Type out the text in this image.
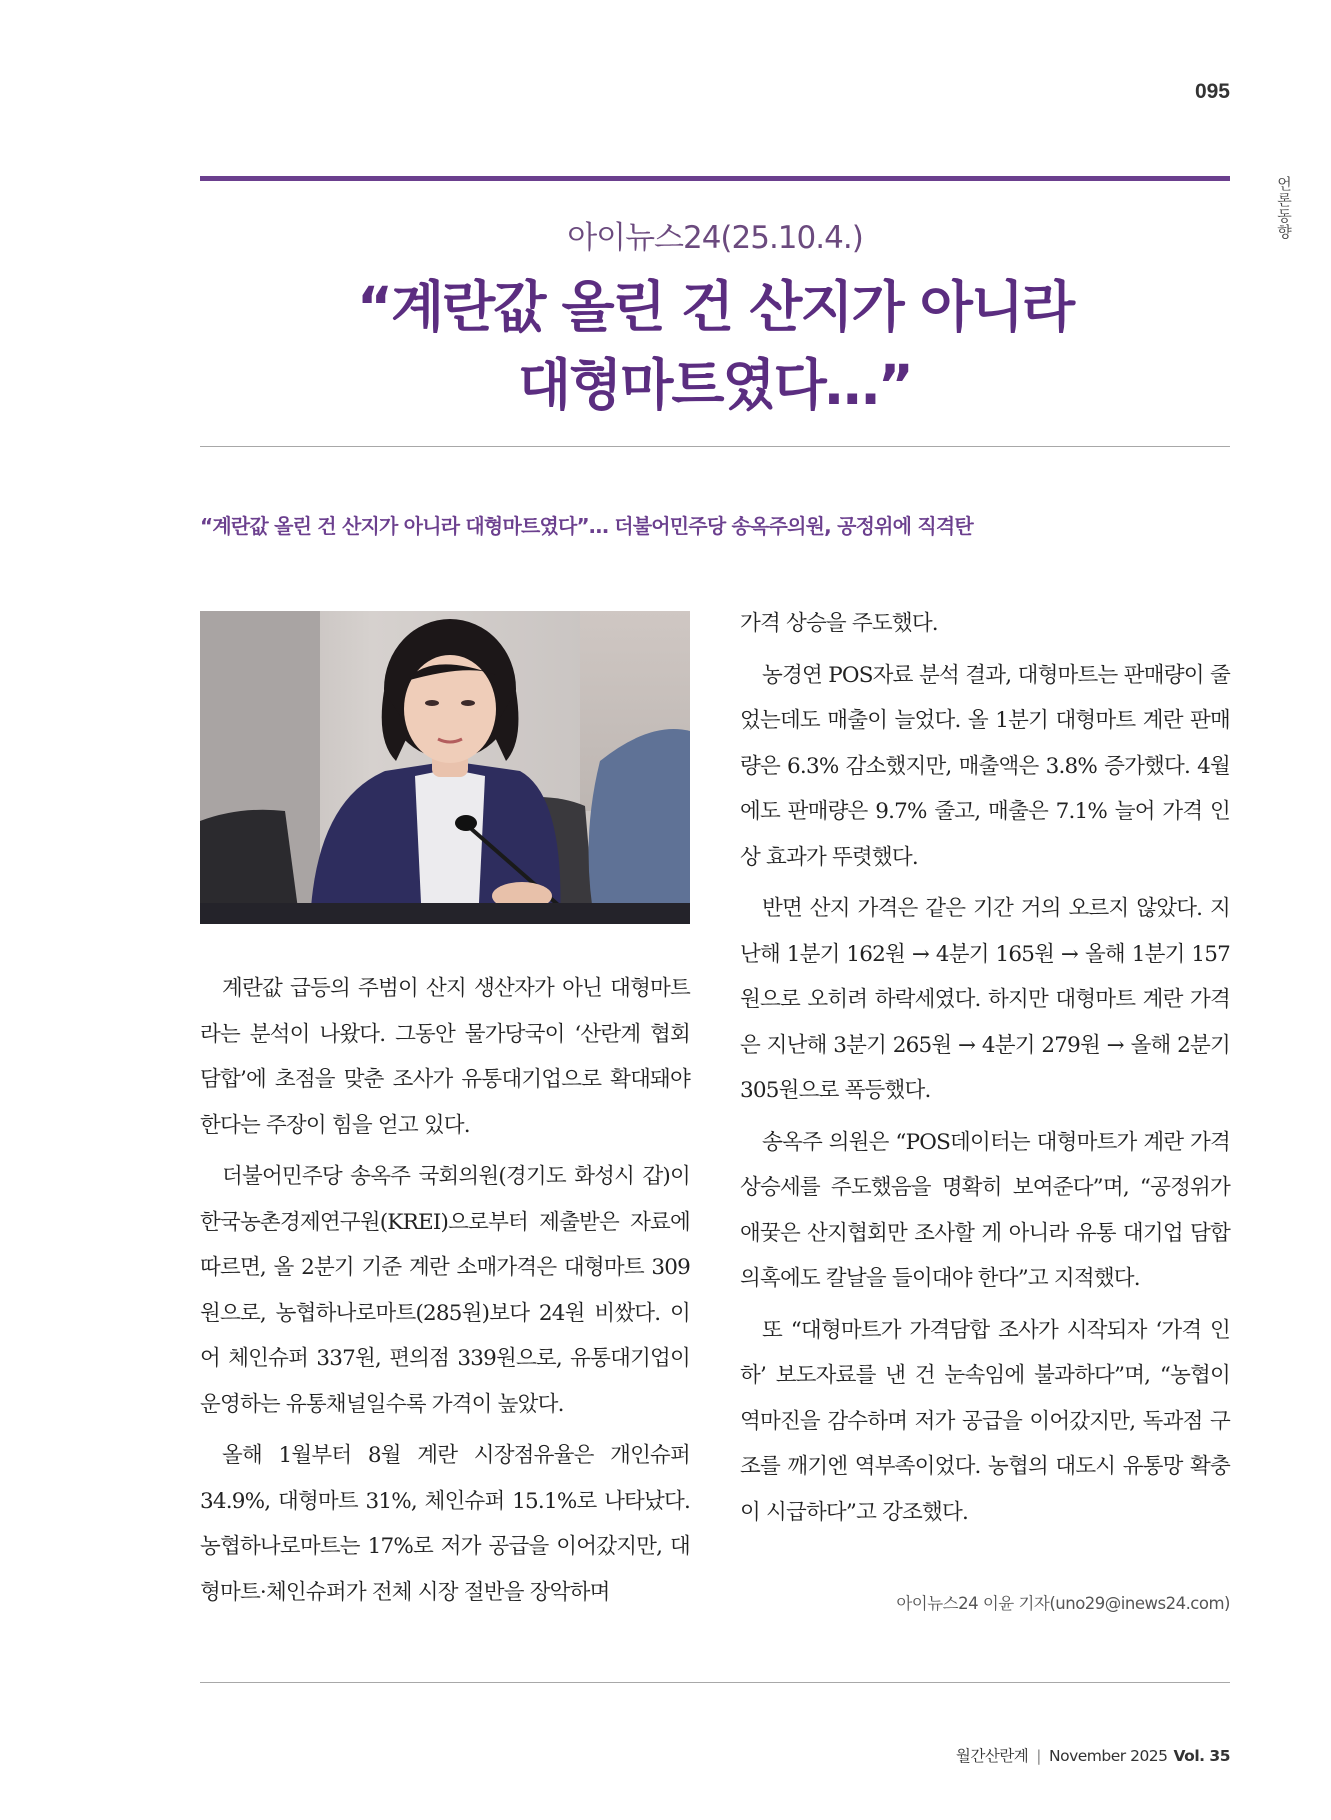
095
언론동향
아이뉴스24(25.10.4.)
“계란값 올린 건 산지가 아니라
대형마트였다…”
“계란값 올린 건 산지가 아니라 대형마트였다”… 더불어민주당 송옥주의원, 공정위에 직격탄

계란값 급등의 주범이 산지 생산자가 아닌 대형마트라는 분석이 나왔다. 그동안 물가당국이 ‘산란계 협회 담합’에 초점을 맞춘 조사가 유통대기업으로 확대돼야 한다는 주장이 힘을 얻고 있다.

더불어민주당 송옥주 국회의원(경기도 화성시 갑)이 한국농촌경제연구원(KREI)으로부터 제출받은 자료에 따르면, 올 2분기 기준 계란 소매가격은 대형마트 309원으로, 농협하나로마트(285원)보다 24원 비쌌다. 이어 체인슈퍼 337원, 편의점 339원으로, 유통대기업이 운영하는 유통채널일수록 가격이 높았다.

올해 1월부터 8월 계란 시장점유율은 개인슈퍼 34.9%, 대형마트 31%, 체인슈퍼 15.1%로 나타났다. 농협하나로마트는 17%로 저가 공급을 이어갔지만, 대형마트·체인슈퍼가 전체 시장 절반을 장악하며

가격 상승을 주도했다.

농경연 POS자료 분석 결과, 대형마트는 판매량이 줄었는데도 매출이 늘었다. 올 1분기 대형마트 계란 판매량은 6.3% 감소했지만, 매출액은 3.8% 증가했다. 4월에도 판매량은 9.7% 줄고, 매출은 7.1% 늘어 가격 인상 효과가 뚜렷했다.

반면 산지 가격은 같은 기간 거의 오르지 않았다. 지난해 1분기 162원 → 4분기 165원 → 올해 1분기 157원으로 오히려 하락세였다. 하지만 대형마트 계란 가격은 지난해 3분기 265원 → 4분기 279원 → 올해 2분기 305원으로 폭등했다.

송옥주 의원은 “POS데이터는 대형마트가 계란 가격 상승세를 주도했음을 명확히 보여준다”며, “공정위가 애꿎은 산지협회만 조사할 게 아니라 유통 대기업 담합 의혹에도 칼날을 들이대야 한다”고 지적했다.

또 “대형마트가 가격담합 조사가 시작되자 ‘가격 인하’ 보도자료를 낸 건 눈속임에 불과하다”며, “농협이 역마진을 감수하며 저가 공급을 이어갔지만, 독과점 구조를 깨기엔 역부족이었다. 농협의 대도시 유통망 확충이 시급하다”고 강조했다.

아이뉴스24 이윤 기자(uno29@inews24.com)
월간산란계 | November 2025 Vol. 35
